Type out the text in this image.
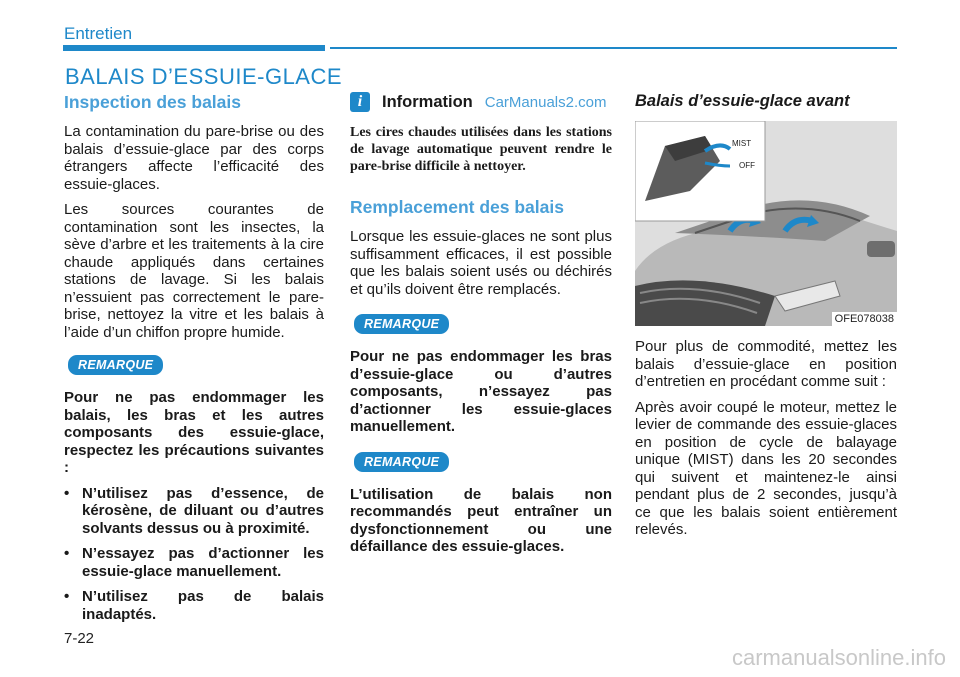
Entretien
BALAIS D’ESSUIE-GLACE
Inspection des balais

La contamination du pare-brise ou des balais d’essuie-glace par des corps étrangers affecte l’efficacité des essuie-glaces.

Les sources courantes de contamination sont les insectes, la sève d’arbre et les traitements à la cire chaude appliqués dans certaines stations de lavage. Si les balais n’essuient pas correctement le pare-brise, nettoyez la vitre et les balais à l’aide d’un chiffon propre humide.

REMARQUE

Pour ne pas endommager les balais, les bras et les autres composants des essuie-glace, respectez les précautions suivantes :

• N’utilisez pas d’essence, de kérosène, de diluant ou d’autres solvants dessus ou à proximité.
• N’essayez pas d’actionner les essuie-glace manuellement.
• N’utilisez pas de balais inadaptés.
i	Information CarManuals2.com

Les cires chaudes utilisées dans les stations de lavage automatique peuvent rendre le pare-brise difficile à nettoyer.

Remplacement des balais

Lorsque les essuie-glaces ne sont plus suffisamment efficaces, il est possible que les balais soient usés ou déchirés et qu’ils doivent être remplacés.

REMARQUE

Pour ne pas endommager les bras d’essuie-glace ou d’autres composants, n’essayez pas d’actionner les essuie-glaces manuellement.

REMARQUE

L’utilisation de balais non recommandés peut entraîner un dysfonctionnement ou une défaillance des essuie-glaces.

Balais d’essuie-glace avant
MIST
OFF
OFE078038

Pour plus de commodité, mettez les balais d’essuie-glace en position d’entretien en procédant comme suit :

Après avoir coupé le moteur, mettez le levier de commande des essuie-glaces en position de cycle de balayage unique (MIST) dans les 20 secondes qui suivent et maintenez-le ainsi pendant plus de 2 secondes, jusqu’à ce que les balais soient entièrement relevés.

7-22
carmanualsonline.info
